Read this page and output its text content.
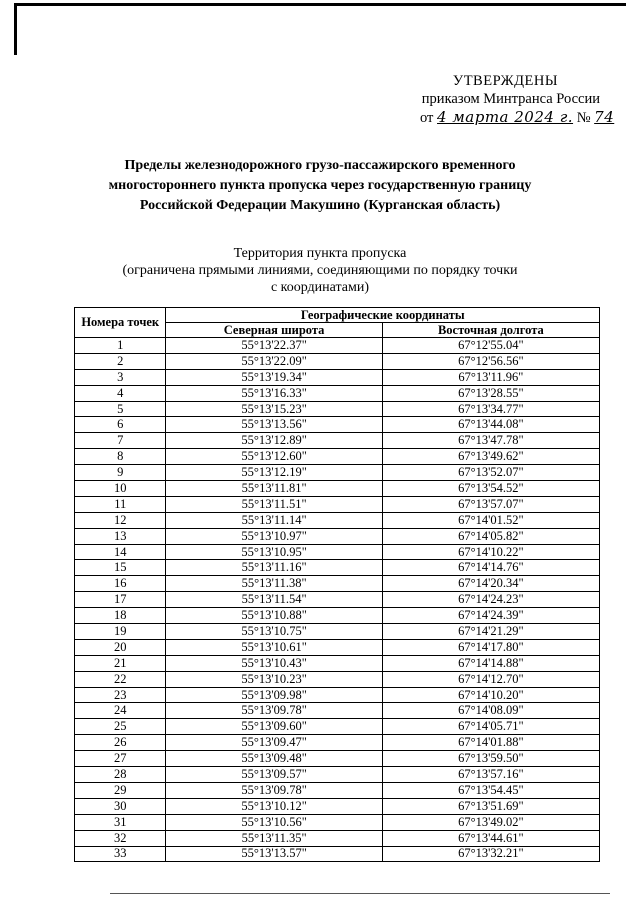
УТВЕРЖДЕНЫ
приказом Минтранса России
от 4 марта 2024 г. № 74
Пределы железнодорожного грузо-пассажирского временного
многостороннего пункта пропуска через государственную границу
Российской Федерации Макушино (Курганская область)
Территория пункта пропуска
(ограничена прямыми линиями, соединяющими по порядку точки
с координатами)
Номера точек	Географические координаты	
	Северная широта	Восточная долгота
1	55°13'22.37"	67°12'55.04"
2	55°13'22.09"	67°12'56.56"
3	55°13'19.34"	67°13'11.96"
4	55°13'16.33"	67°13'28.55"
5	55°13'15.23"	67°13'34.77"
6	55°13'13.56"	67°13'44.08"
7	55°13'12.89"	67°13'47.78"
8	55°13'12.60"	67°13'49.62"
9	55°13'12.19"	67°13'52.07"
10	55°13'11.81"	67°13'54.52"
11	55°13'11.51"	67°13'57.07"
12	55°13'11.14"	67°14'01.52"
13	55°13'10.97"	67°14'05.82"
14	55°13'10.95"	67°14'10.22"
15	55°13'11.16"	67°14'14.76"
16	55°13'11.38"	67°14'20.34"
17	55°13'11.54"	67°14'24.23"
18	55°13'10.88"	67°14'24.39"
19	55°13'10.75"	67°14'21.29"
20	55°13'10.61"	67°14'17.80"
21	55°13'10.43"	67°14'14.88"
22	55°13'10.23"	67°14'12.70"
23	55°13'09.98"	67°14'10.20"
24	55°13'09.78"	67°14'08.09"
25	55°13'09.60"	67°14'05.71"
26	55°13'09.47"	67°14'01.88"
27	55°13'09.48"	67°13'59.50"
28	55°13'09.57"	67°13'57.16"
29	55°13'09.78"	67°13'54.45"
30	55°13'10.12"	67°13'51.69"
31	55°13'10.56"	67°13'49.02"
32	55°13'11.35"	67°13'44.61"
33	55°13'13.57"	67°13'32.21"
